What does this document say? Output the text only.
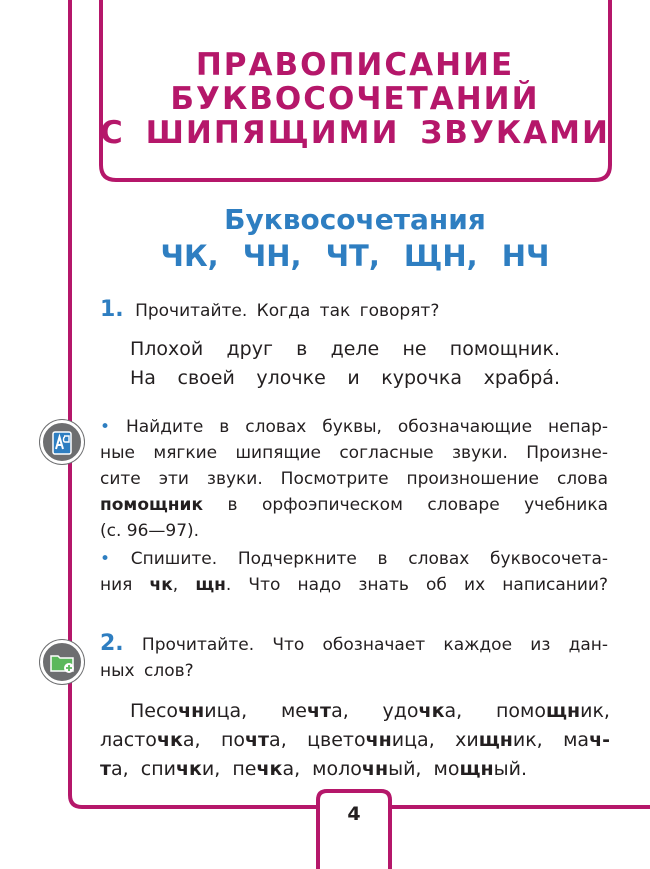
ПРАВОПИСАНИЕ
БУКВОСОЧЕТАНИЙ
С ШИПЯЩИМИ ЗВУКАМИ
Буквосочетания
ЧК, ЧН, ЧТ, ЩН, НЧ
1. Прочитайте. Когда так говорят?
Плохой друг в деле не помощник.
На своей улочке и курочка храбра́.
• Найдите в словах буквы, обозначающие непар-
ные мягкие шипящие согласные звуки. Произне-
сите эти звуки. Посмотрите произношение слова
помощник в орфоэпическом словаре учебника
(с. 96—97).
• Спишите. Подчеркните в словах буквосочета-
ния чк, щн. Что надо знать об их написании?
2. Прочитайте. Что обозначает каждое из дан-
ных слов?
Песочница, мечта, удочка, помощник,
ласточка, почта, цветочница, хищник, мач-
та, спички, печка, молочный, мощный.
4
